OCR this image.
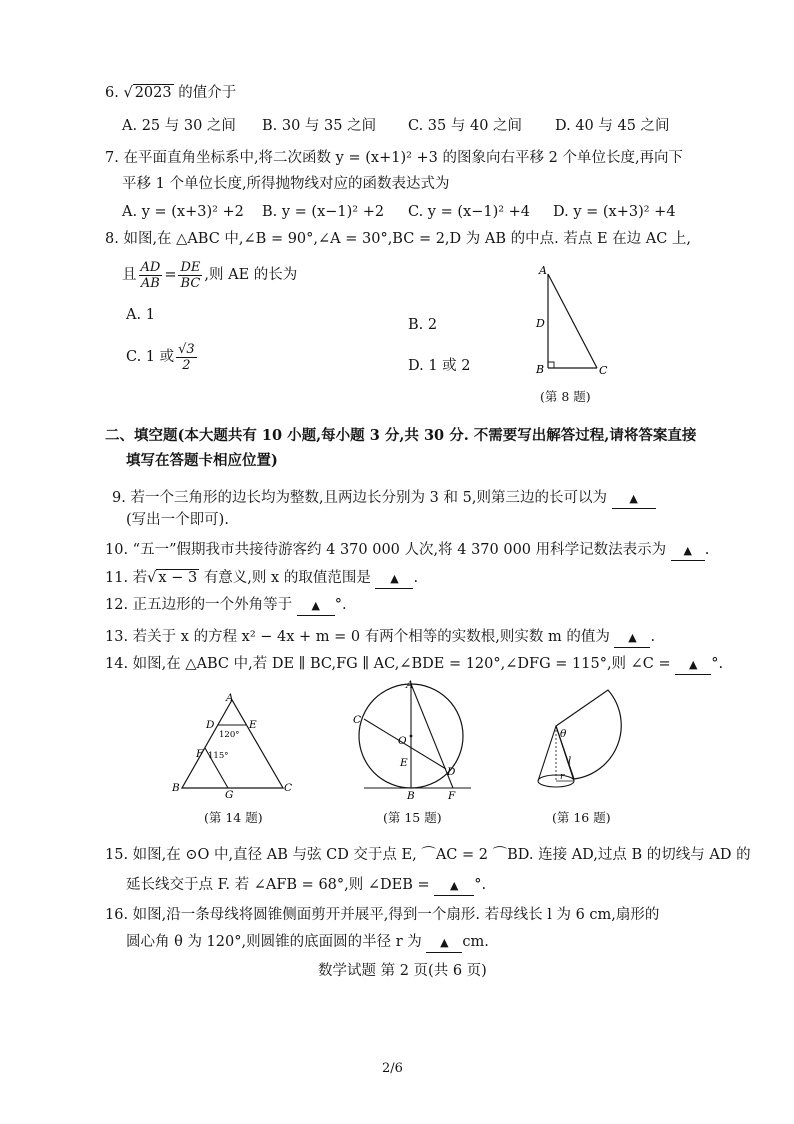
6. √ 2023 的值介于
A. 25 与 30 之间 B. 30 与 35 之间 C. 35 与 40 之间 D. 40 与 45 之间
7. 在平面直角坐标系中,将二次函数 y = (x+1)² +3 的图象向右平移 2 个单位长度,再向下
平移 1 个单位长度,所得抛物线对应的函数表达式为
A. y = (x+3)² +2 B. y = (x−1)² +2 C. y = (x−1)² +4 D. y = (x+3)² +4
8. 如图,在 △ABC 中,∠B = 90°,∠A = 30°,BC = 2,D 为 AB 的中点. 若点 E 在边 AC 上,
且 $\frac{AD}{AB} = \frac{DE}{BC}$ ,则 AE 的长为
A. 1
B. 2
C. 1 或 $\frac{√3}{2}$	D. 1 或 2
A
D
B	C
(第 8 题)
二、填空题(本大题共有 10 小题,每小题 3 分,共 30 分. 不需要写出解答过程,请将答案直接
填写在答题卡相应位置)
9. 若一个三角形的边长均为整数,且两边长分别为 3 和 5,则第三边的长可以为 ▲
(写出一个即可).
10. “五一”假期我市共接待游客约 4 370 000 人次,将 4 370 000 用科学记数法表示为 ▲ .
11. 若√ x − 3 有意义,则 x 的取值范围是 ▲ .
12. 正五边形的一个外角等于 ▲ °.
13. 若关于 x 的方程 x² − 4x + m = 0 有两个相等的实数根,则实数 m 的值为 ▲ .
14. 如图,在 △ABC 中,若 DE ∥ BC,FG ∥ AC,∠BDE = 120°,∠DFG = 115°,则 ∠C = ▲ °.
A
D	E
120°
F 115°
B
G
C
(第 14 题)
A
C
O
E
D
B	F
(第 15 题)
θ
l
r
(第 16 题)
15. 如图,在 ⊙O 中,直径 AB 与弦 CD 交于点 E, ⌒AC = 2 ⌒BD. 连接 AD,过点 B 的切线与 AD 的
延长线交于点 F. 若 ∠AFB = 68°,则 ∠DEB = ▲ °.
16. 如图,沿一条母线将圆锥侧面剪开并展平,得到一个扇形. 若母线长 l 为 6 cm,扇形的
圆心角 θ 为 120°,则圆锥的底面圆的半径 r 为 ▲ cm.
数学试题 第 2 页(共 6 页)
2/6
